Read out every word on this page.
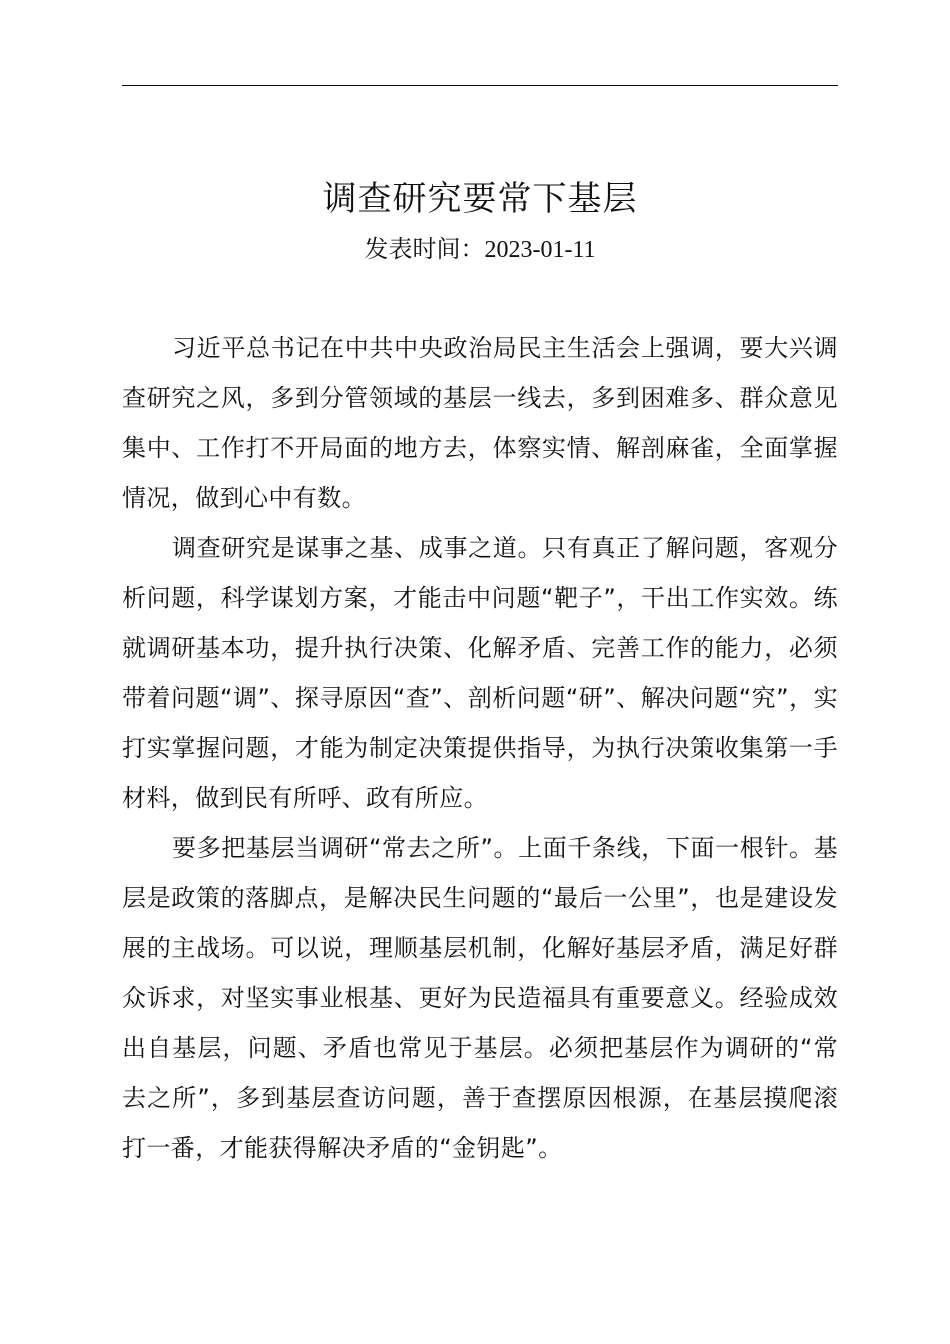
调查研究要常下基层
发表时间：2023-01-11

习近平总书记在中共中央政治局民主生活会上强调，要大兴调查研究之风，多到分管领域的基层一线去，多到困难多、群众意见集中、工作打不开局面的地方去，体察实情、解剖麻雀，全面掌握情况，做到心中有数。

调查研究是谋事之基、成事之道。只有真正了解问题，客观分析问题，科学谋划方案，才能击中问题“靶子”，干出工作实效。练就调研基本功，提升执行决策、化解矛盾、完善工作的能力，必须带着问题“调”、探寻原因“查”、剖析问题“研”、解决问题“究”，实打实掌握问题，才能为制定决策提供指导，为执行决策收集第一手材料，做到民有所呼、政有所应。

要多把基层当调研“常去之所”。上面千条线，下面一根针。基层是政策的落脚点，是解决民生问题的“最后一公里”，也是建设发展的主战场。可以说，理顺基层机制，化解好基层矛盾，满足好群众诉求，对坚实事业根基、更好为民造福具有重要意义。经验成效出自基层，问题、矛盾也常见于基层。必须把基层作为调研的“常去之所”，多到基层查访问题，善于查摆原因根源，在基层摸爬滚打一番，才能获得解决矛盾的“金钥匙”。
